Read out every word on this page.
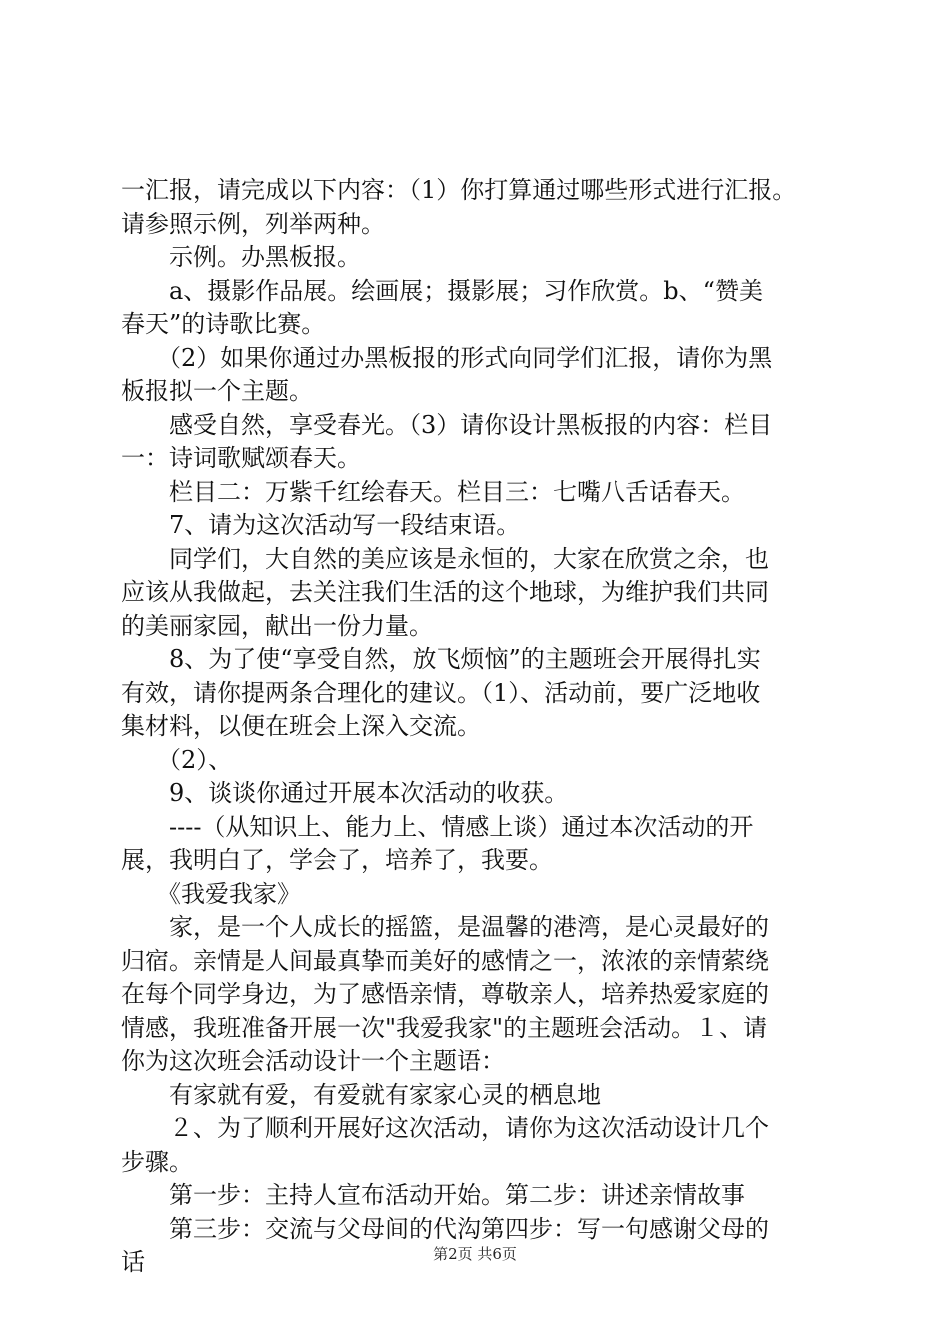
一汇报，请完成以下内容：（1）你打算通过哪些形式进行汇报。
请参照示例，列举两种。
　　示例。办黑板报。
　　a、摄影作品展。绘画展；摄影展；习作欣赏。b、“赞美
春天”的诗歌比赛。
　　（2）如果你通过办黑板报的形式向同学们汇报，请你为黑
板报拟一个主题。
　　感受自然，享受春光。（3）请你设计黑板报的内容：栏目
一：诗词歌赋颂春天。
　　栏目二：万紫千红绘春天。栏目三：七嘴八舌话春天。
　　7、请为这次活动写一段结束语。
　　同学们，大自然的美应该是永恒的，大家在欣赏之余，也
应该从我做起，去关注我们生活的这个地球，为维护我们共同
的美丽家园，献出一份力量。
　　8、为了使“享受自然，放飞烦恼”的主题班会开展得扎实
有效，请你提两条合理化的建议。（1）、活动前，要广泛地收
集材料，以便在班会上深入交流。
　　（2）、
　　9、谈谈你通过开展本次活动的收获。
　　----（从知识上、能力上、情感上谈）通过本次活动的开
展，我明白了，学会了，培养了，我要。
　　《我爱我家》
　　家，是一个人成长的摇篮，是温馨的港湾，是心灵最好的
归宿。亲情是人间最真挚而美好的感情之一，浓浓的亲情萦绕
在每个同学身边，为了感悟亲情，尊敬亲人，培养热爱家庭的
情感，我班准备开展一次"我爱我家"的主题班会活动。１、请
你为这次班会活动设计一个主题语：
　　有家就有爱，有爱就有家家心灵的栖息地
　　２、为了顺利开展好这次活动，请你为这次活动设计几个
步骤。
　　第一步：主持人宣布活动开始。第二步：讲述亲情故事
　　第三步：交流与父母间的代沟第四步：写一句感谢父母的
话	第2页 共6页
